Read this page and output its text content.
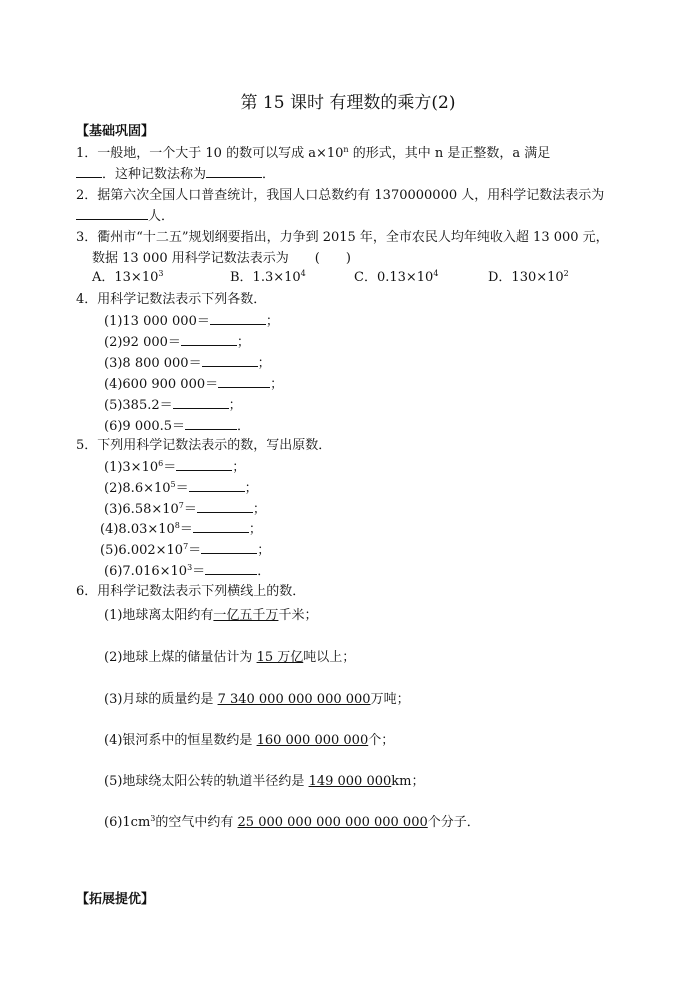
第 15 课时 有理数的乘方(2)
【基础巩固】
1．一般地，一个大于 10 的数可以写成 $a\times 10^n$ 的形式，其中 n 是正整数，a 满足
．这种记数法称为	．
2．据第六次全国人口普查统计，我国人口总数约有 1370000000 人，用科学记数法表示为
人．
3．衢州市“十二五”规划纲要指出，力争到 2015 年，全市农民人均年纯收入超 13 000 元，
数据 13 000 用科学记数法表示为　　(　　)
A．$13\times 10^3$	B．$1.3\times 10^4$	C．$0.13\times 10^4$	D．$130\times 10^2$
4．用科学记数法表示下列各数．
(1)13 000 000＝	；
(2)92 000＝	；
(3)8 800 000＝	；
(4)600 900 000＝	；
(5)385.2＝	；
(6)9 000.5＝	．
5．下列用科学记数法表示的数，写出原数．
$(1)3\times 10^6=$	；
$(2)8.6\times 10^5=$	；
$(3)6.58\times 10^7=$	；
$(4)8.03\times 10^8=$	；
$(5)6.002\times 10^7=$	；
$(6)7.016\times 10^3=$	．
6．用科学记数法表示下列横线上的数．
(1)地球离太阳约有一亿五千万千米；
(2)地球上煤的储量估计为 15 万亿吨以上；
(3)月球的质量约是 7 340 000 000 000 000万吨；
(4)银河系中的恒星数约是 160 000 000 000个；
(5)地球绕太阳公转的轨道半径约是 149 000 000km；
$(6)1cm^3$的空气中约有 25 000 000 000 000 000 000个分子．
【拓展提优】
